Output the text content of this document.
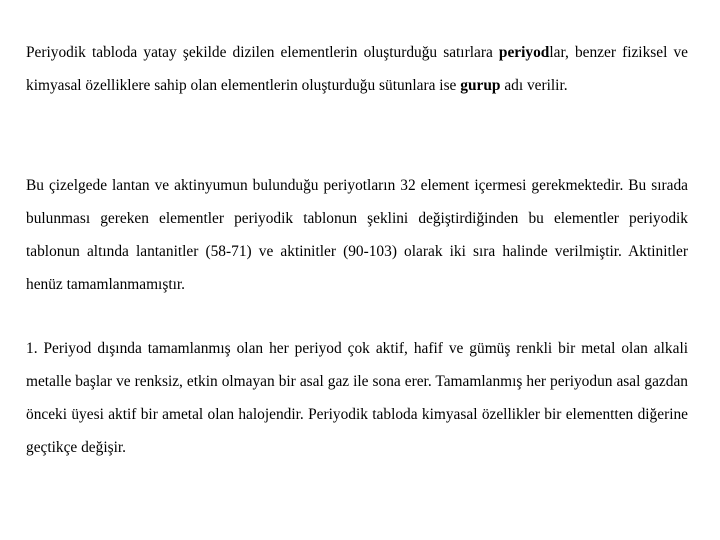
Periyodik tabloda yatay şekilde dizilen elementlerin oluşturduğu satırlara periyodlar, benzer fiziksel ve kimyasal özelliklere sahip olan elementlerin oluşturduğu sütunlara ise gurup adı verilir.

Bu çizelgede lantan ve aktinyumun bulunduğu periyotların 32 element içermesi gerekmektedir. Bu sırada bulunması gereken elementler periyodik tablonun şeklini değiştirdiğinden bu elementler periyodik tablonun altında lantanitler (58-71) ve aktinitler (90-103) olarak iki sıra halinde verilmiştir. Aktinitler henüz tamamlanmamıştır.

1. Periyod dışında tamamlanmış olan her periyod çok aktif, hafif ve gümüş renkli bir metal olan alkali metalle başlar ve renksiz, etkin olmayan bir asal gaz ile sona erer. Tamamlanmış her periyodun asal gazdan önceki üyesi aktif bir ametal olan halojendir. Periyodik tabloda kimyasal özellikler bir elementten diğerine geçtikçe değişir.
